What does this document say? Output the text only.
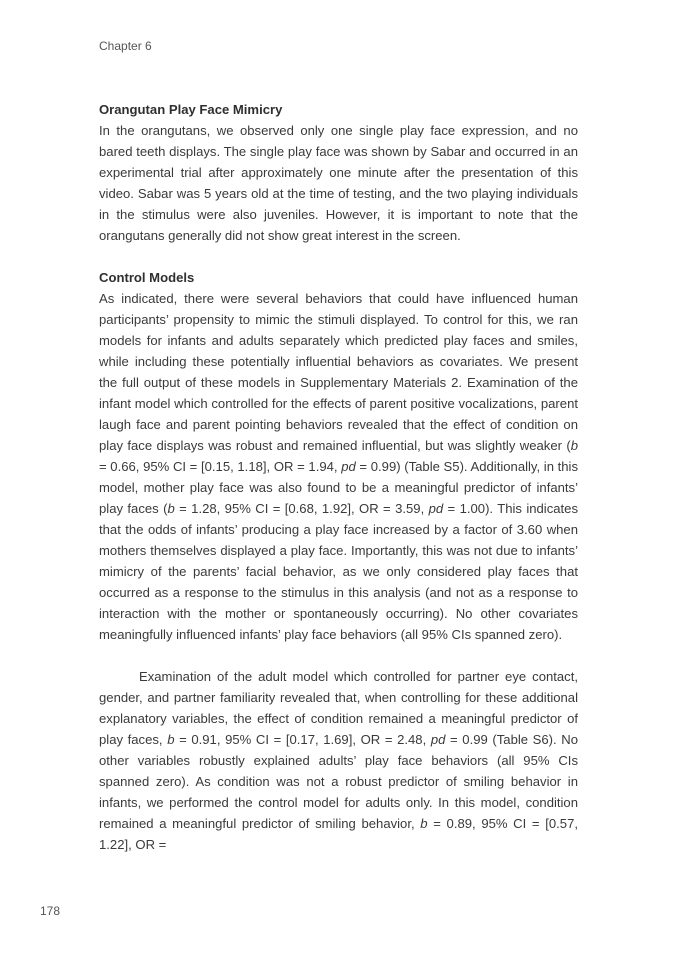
Chapter 6

Orangutan Play Face Mimicry

In the orangutans, we observed only one single play face expression, and no bared teeth displays. The single play face was shown by Sabar and occurred in an experimental trial after approximately one minute after the presentation of this video. Sabar was 5 years old at the time of testing, and the two playing individuals in the stimulus were also juveniles. However, it is important to note that the orangutans generally did not show great interest in the screen.

Control Models

As indicated, there were several behaviors that could have influenced human participants’ propensity to mimic the stimuli displayed. To control for this, we ran models for infants and adults separately which predicted play faces and smiles, while including these potentially influential behaviors as covariates. We present the full output of these models in Supplementary Materials 2. Examination of the infant model which controlled for the effects of parent positive vocalizations, parent laugh face and parent pointing behaviors revealed that the effect of condition on play face displays was robust and remained influential, but was slightly weaker (b = 0.66, 95% CI = [0.15, 1.18], OR = 1.94, pd = 0.99) (Table S5). Additionally, in this model, mother play face was also found to be a meaningful predictor of infants’ play faces (b = 1.28, 95% CI = [0.68, 1.92], OR = 3.59, pd = 1.00). This indicates that the odds of infants’ producing a play face increased by a factor of 3.60 when mothers themselves displayed a play face. Importantly, this was not due to infants’ mimicry of the parents’ facial behavior, as we only considered play faces that occurred as a response to the stimulus in this analysis (and not as a response to interaction with the mother or spontaneously occurring). No other covariates meaningfully influenced infants’ play face behaviors (all 95% CIs spanned zero).

Examination of the adult model which controlled for partner eye contact, gender, and partner familiarity revealed that, when controlling for these additional explanatory variables, the effect of condition remained a meaningful predictor of play faces, b = 0.91, 95% CI = [0.17, 1.69], OR = 2.48, pd = 0.99 (Table S6). No other variables robustly explained adults’ play face behaviors (all 95% CIs spanned zero). As condition was not a robust predictor of smiling behavior in infants, we performed the control model for adults only. In this model, condition remained a meaningful predictor of smiling behavior, b = 0.89, 95% CI = [0.57, 1.22], OR =

178
